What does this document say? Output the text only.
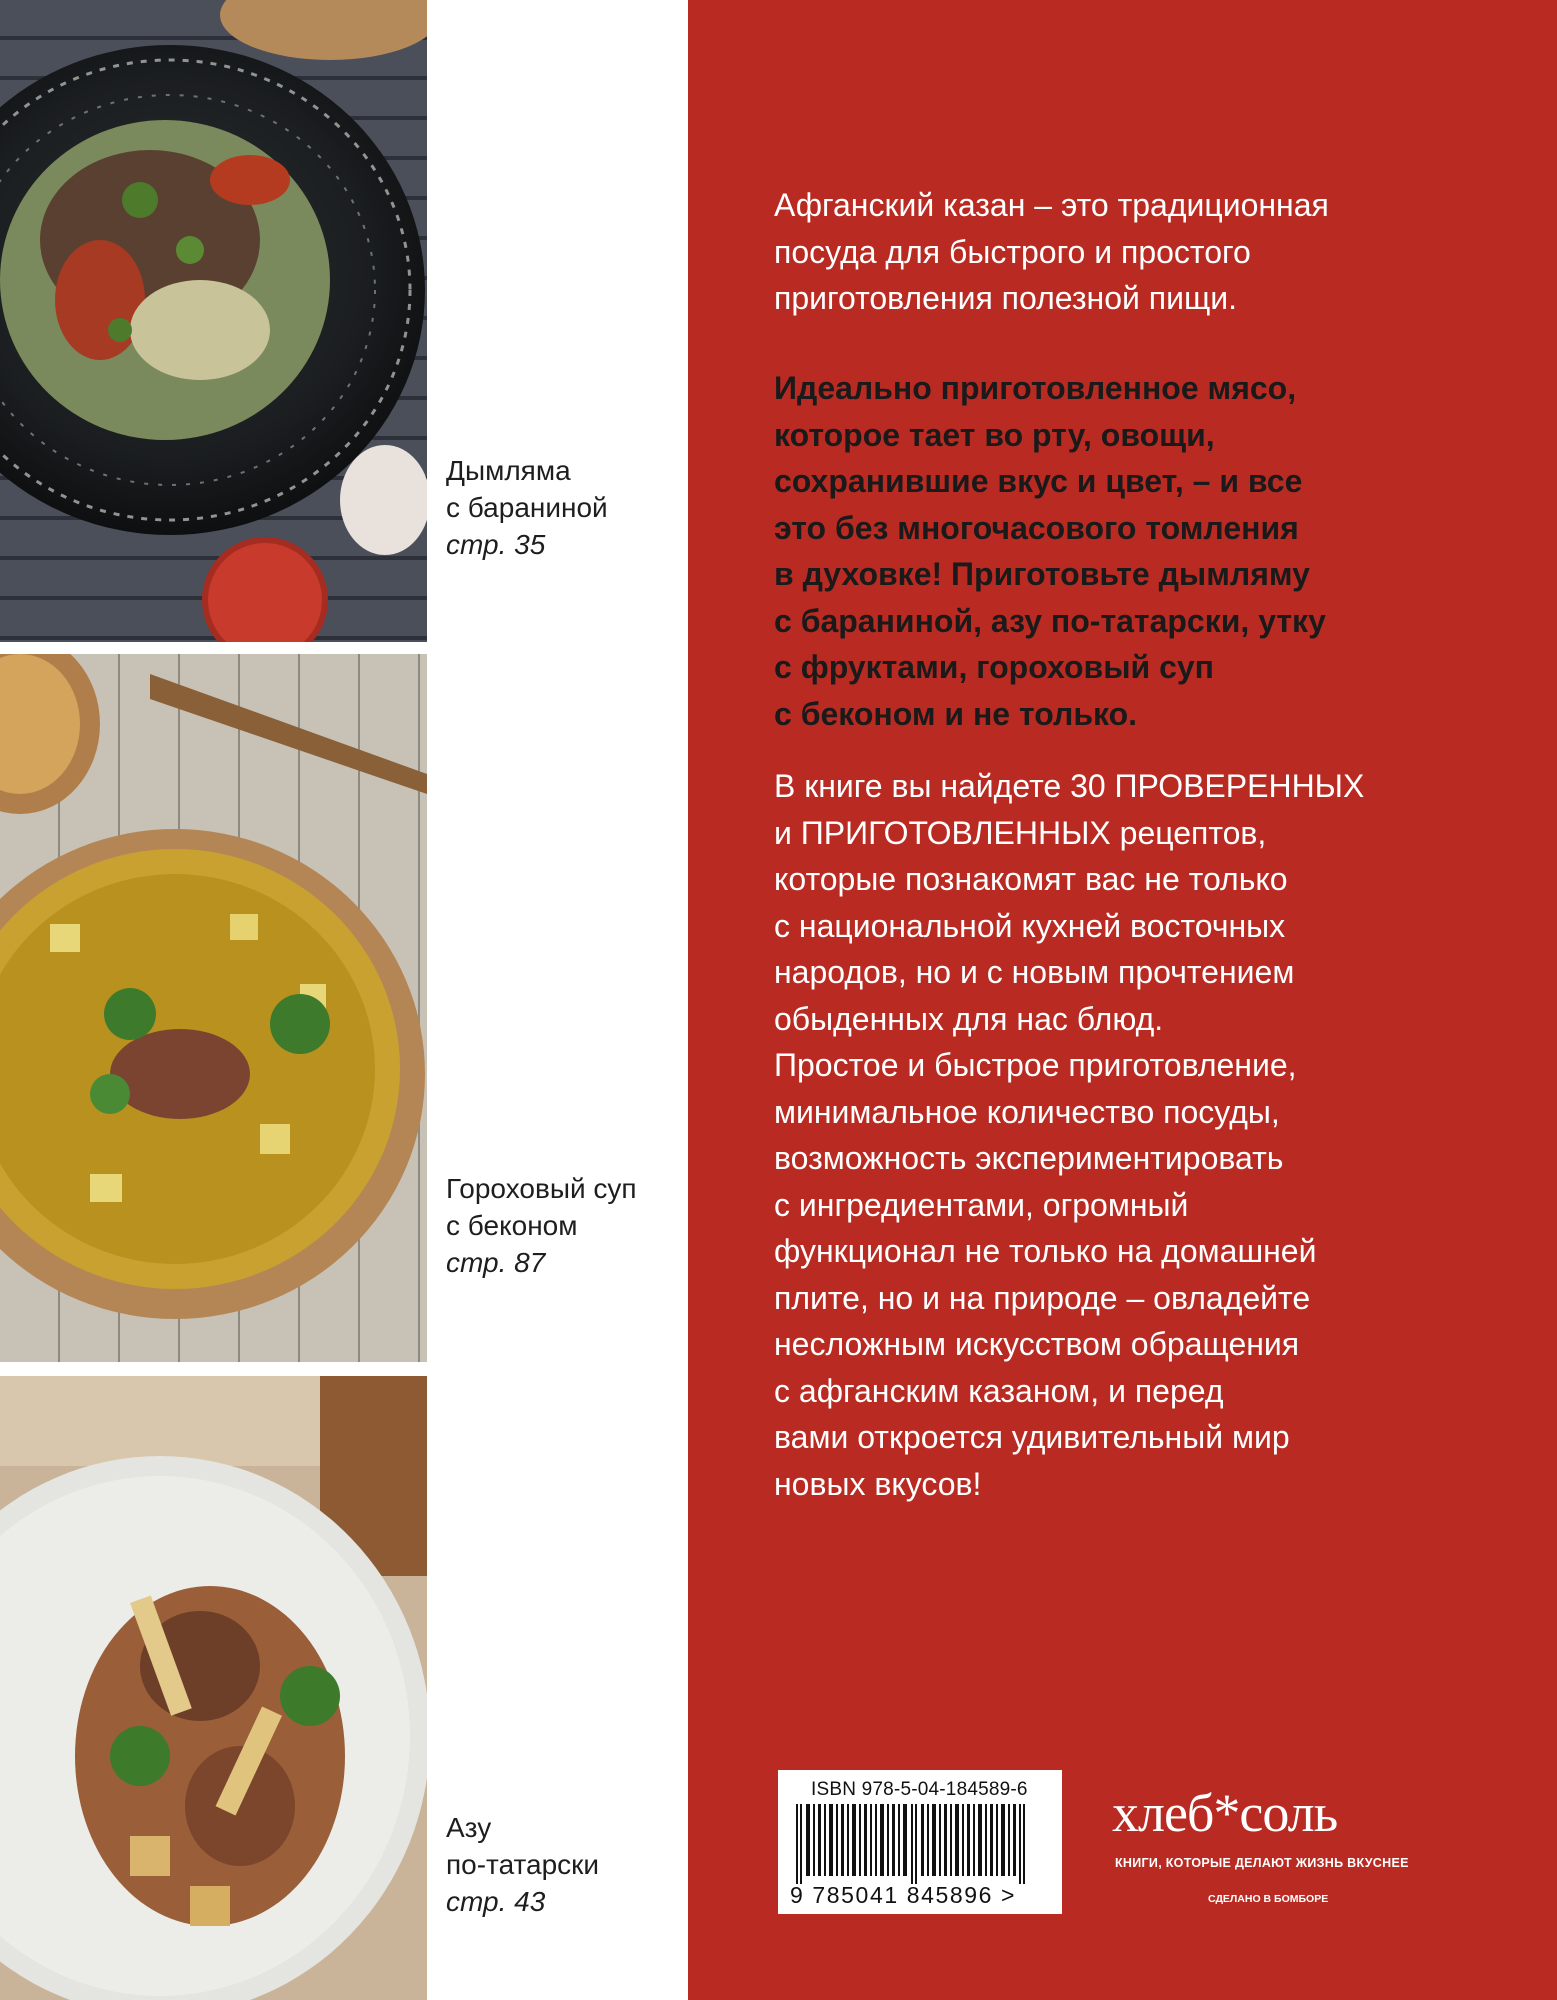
Дымляма
с бараниной
стр. 35
Гороховый суп
с беконом
стр. 87
Азу
по-татарски
стр. 43

Афганский казан – это традиционная
посуда для быстрого и простого
приготовления полезной пищи.

Идеально приготовленное мясо,
которое тает во рту, овощи,
сохранившие вкус и цвет, – и все
это без многочасового томления
в духовке! Приготовьте дымляму
с бараниной, азу по-татарски, утку
с фруктами, гороховый суп
с беконом и не только.

В книге вы найдете 30 ПРОВЕРЕННЫХ
и ПРИГОТОВЛЕННЫХ рецептов,
которые познакомят вас не только
с национальной кухней восточных
народов, но и с новым прочтением
обыденных для нас блюд.
Простое и быстрое приготовление,
минимальное количество посуды,
возможность экспериментировать
с ингредиентами, огромный
функционал не только на домашней
плите, но и на природе – овладейте
несложным искусством обращения
с афганским казаном, и перед
вами откроется удивительный мир
новых вкусов!

ISBN 978-5-04-184589-6
9 785041 845896 >
хлеб*соль
КНИГИ, КОТОРЫЕ ДЕЛАЮТ ЖИЗНЬ ВКУСНЕЕ
СДЕЛАНО В БОМБОРЕ
